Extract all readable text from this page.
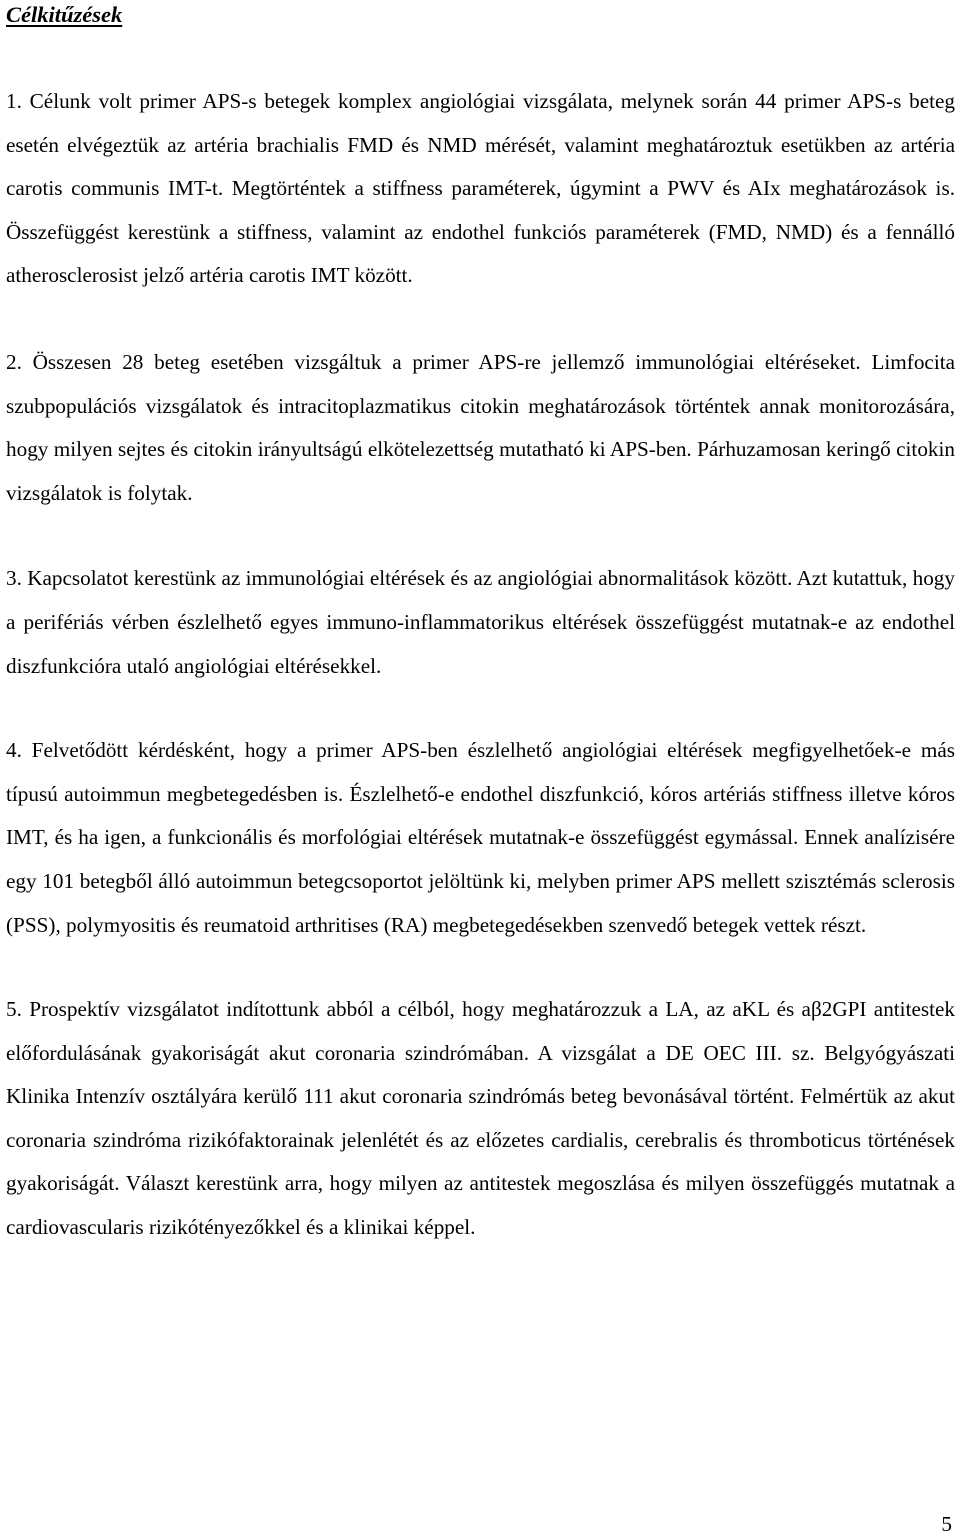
Célkitűzések

1. Célunk volt primer APS-s betegek komplex angiológiai vizsgálata, melynek során 44 primer APS-s beteg esetén elvégeztük az artéria brachialis FMD és NMD mérését, valamint meghatároztuk esetükben az artéria carotis communis IMT-t. Megtörténtek a stiffness paraméterek, úgymint a PWV és AIx meghatározások is. Összefüggést kerestünk a stiffness, valamint az endothel funkciós paraméterek (FMD, NMD) és a fennálló atherosclerosist jelző artéria carotis IMT között.

2. Összesen 28 beteg esetében vizsgáltuk a primer APS-re jellemző immunológiai eltéréseket. Limfocita szubpopulációs vizsgálatok és intracitoplazmatikus citokin meghatározások történtek annak monitorozására, hogy milyen sejtes és citokin irányultságú elkötelezettség mutatható ki APS-ben. Párhuzamosan keringő citokin vizsgálatok is folytak.

3. Kapcsolatot kerestünk az immunológiai eltérések és az angiológiai abnormalitások között. Azt kutattuk, hogy a perifériás vérben észlelhető egyes immuno-inflammatorikus eltérések összefüggést mutatnak-e az endothel diszfunkcióra utaló angiológiai eltérésekkel.

4. Felvetődött kérdésként, hogy a primer APS-ben észlelhető angiológiai eltérések megfigyelhetőek-e más típusú autoimmun megbetegedésben is. Észlelhető-e endothel diszfunkció, kóros artériás stiffness illetve kóros IMT, és ha igen, a funkcionális és morfológiai eltérések mutatnak-e összefüggést egymással. Ennek analízisére egy 101 betegből álló autoimmun betegcsoportot jelöltünk ki, melyben primer APS mellett szisztémás sclerosis (PSS), polymyositis és reumatoid arthritises (RA) megbetegedésekben szenvedő betegek vettek részt.

5. Prospektív vizsgálatot indítottunk abból a célból, hogy meghatározzuk a LA, az aKL és aβ2GPI antitestek előfordulásának gyakoriságát akut coronaria szindrómában. A vizsgálat a DE OEC III. sz. Belgyógyászati Klinika Intenzív osztályára kerülő 111 akut coronaria szindrómás beteg bevonásával történt. Felmértük az akut coronaria szindróma rizikófaktorainak jelenlétét és az előzetes cardialis, cerebralis és thromboticus történések gyakoriságát. Választ kerestünk arra, hogy milyen az antitestek megoszlása és milyen összefüggés mutatnak a cardiovascularis rizikótényezőkkel és a klinikai képpel.

5
